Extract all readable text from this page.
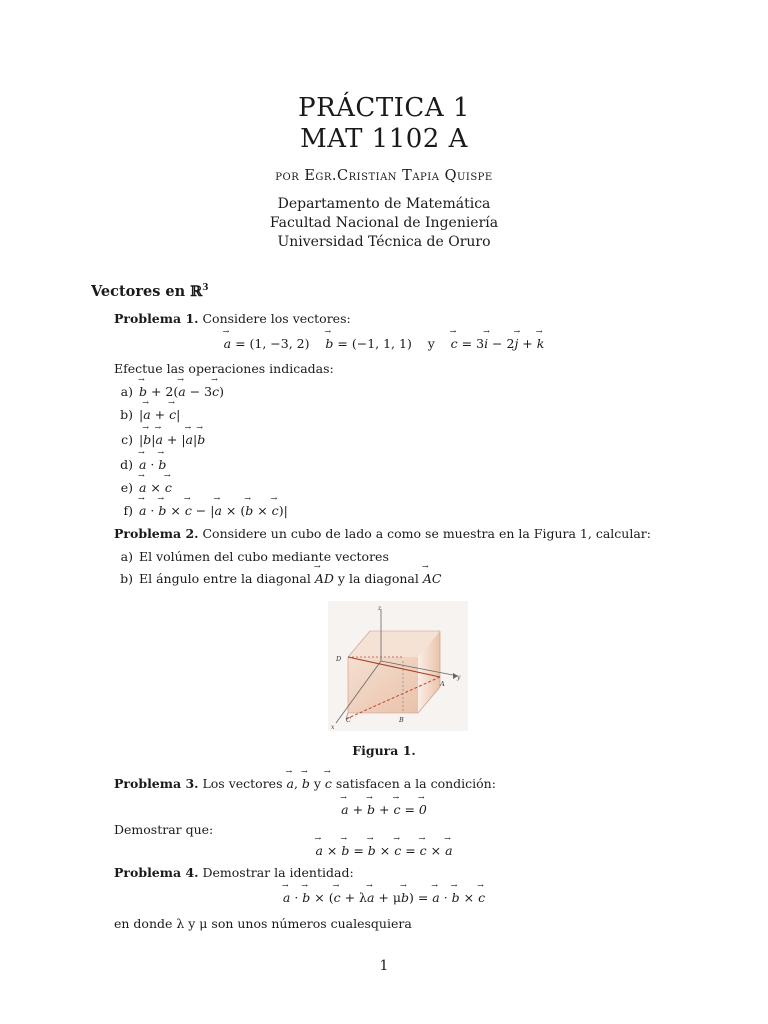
PRÁCTICA 1
MAT 1102 A
por Egr.Cristian Tapia Quispe
Departamento de Matemática
Facultad Nacional de Ingeniería
Universidad Técnica de Oruro
Vectores en ℝ$^3$
Problema 1. Considere los vectores:
a → = (1, −3, 2)    b → = (−1, 1, 1)    y    c → = 3i → − 2j → + k →
Efectue las operaciones indicadas:
a) b → + 2(a → − 3c →)
b) |a → + c →|
c) |b →|a → + |a →|b →
d) a → · b →
e) a → × c →
f) a → · b → × c → − |a → × (b → × c →)|
Problema 2. Considere un cubo de lado a como se muestra en la Figura 1, calcular:
a) El volúmen del cubo mediante vectores
b) El ángulo entre la diagonal AD → y la diagonal AC →
z
y
x
D
A
B
C
Figura 1.
Problema 3. Los vectores a →, b → y c → satisfacen a la condición:
a → + b → + c → = 0 →
Demostrar que:
a → × b → = b → × c → = c → × a →
Problema 4. Demostrar la identidad:
a → · b → × (c → + λa → + μb →) = a → · b → × c →
en donde λ y μ son unos números cualesquiera
1
